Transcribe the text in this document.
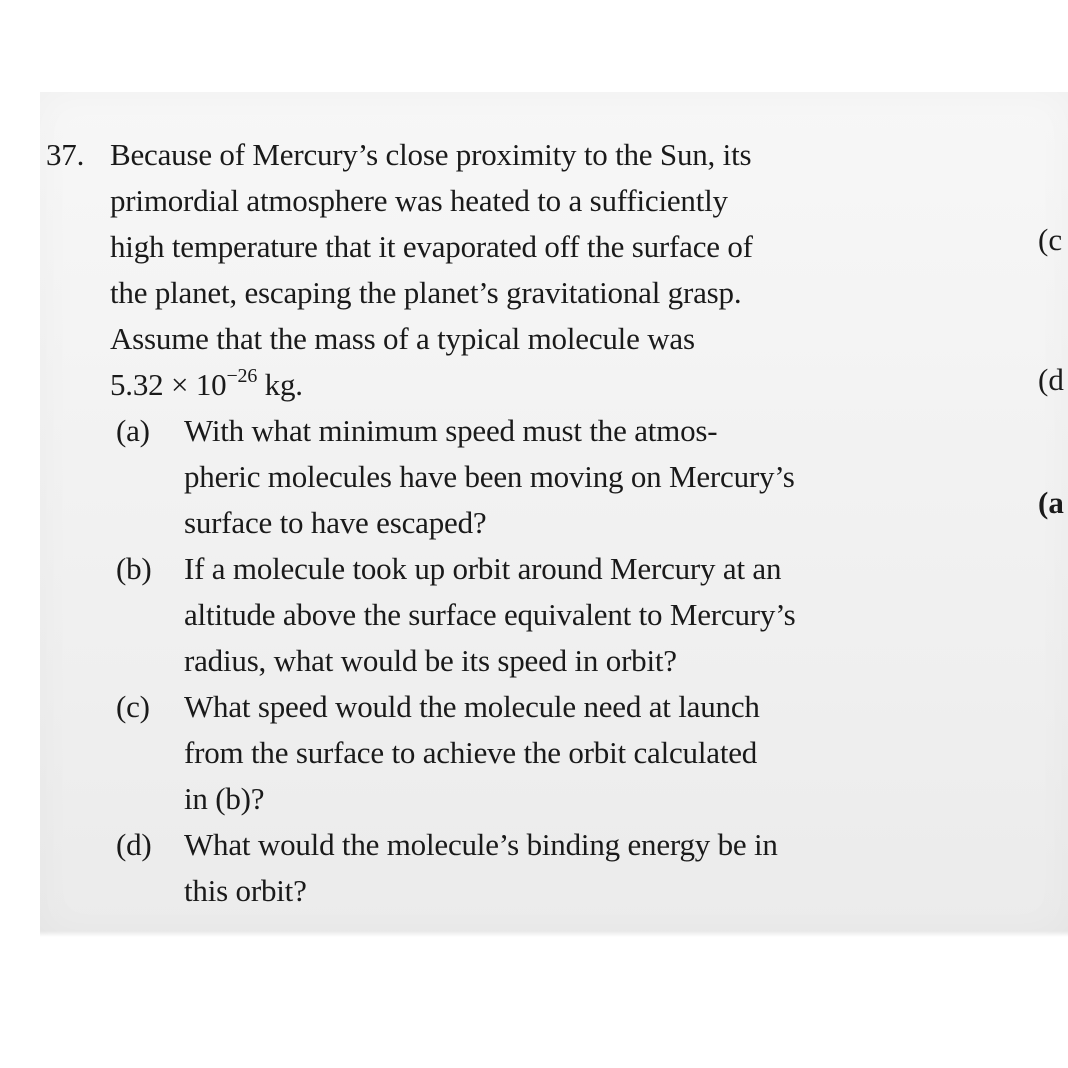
37. Because of Mercury’s close proximity to the Sun, its
primordial atmosphere was heated to a sufficiently
high temperature that it evaporated off the surface of
the planet, escaping the planet’s gravitational grasp.
Assume that the mass of a typical molecule was
$5.32 \times 10^{-26}$ kg.
(a) With what minimum speed must the atmos-
pheric molecules have been moving on Mercury’s
surface to have escaped?
(b) If a molecule took up orbit around Mercury at an
altitude above the surface equivalent to Mercury’s
radius, what would be its speed in orbit?
(c) What speed would the molecule need at launch
from the surface to achieve the orbit calculated
in (b)?
(d) What would the molecule’s binding energy be in
this orbit?
(c
(d
(a
